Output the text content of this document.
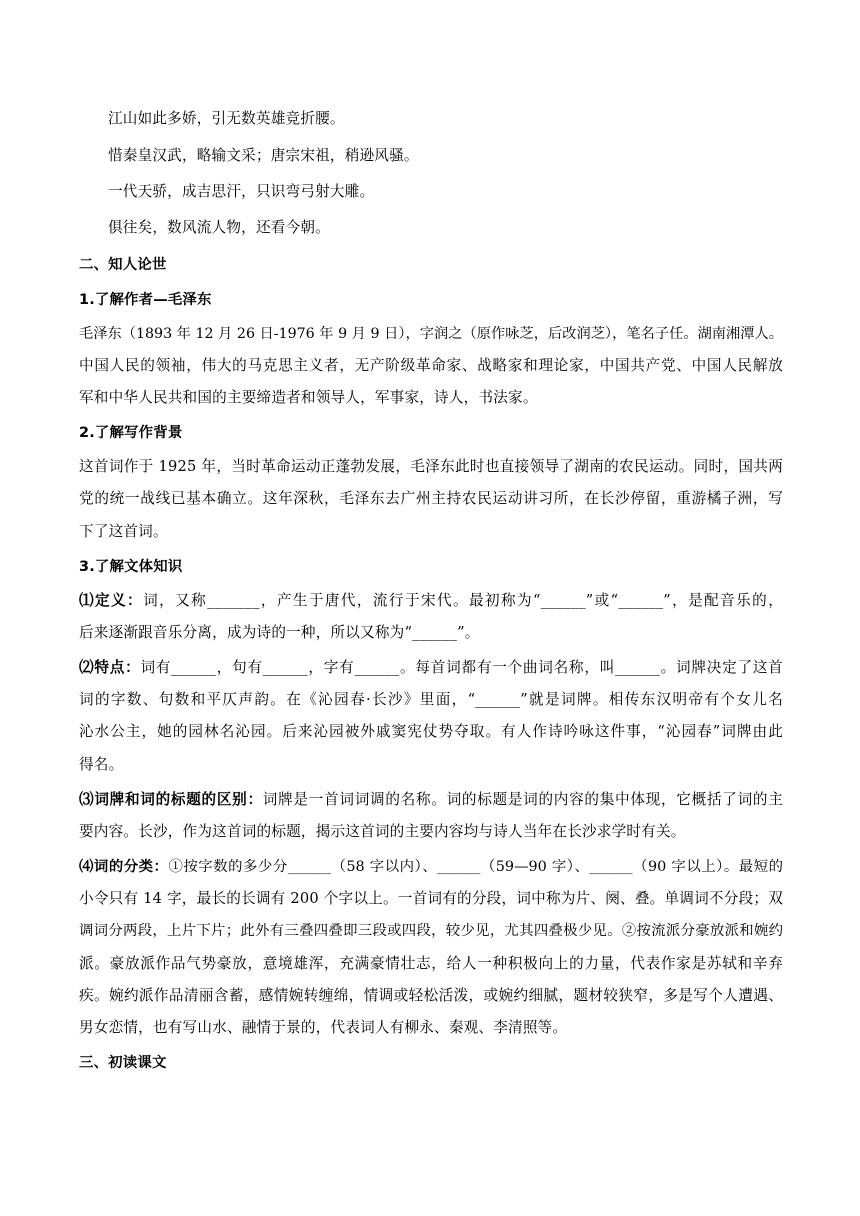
江山如此多娇，引无数英雄竞折腰。
惜秦皇汉武，略输文采；唐宗宋祖，稍逊风骚。
一代天骄，成吉思汗，只识弯弓射大雕。
俱往矣，数风流人物，还看今朝。
二、知人论世
1.了解作者—毛泽东
毛泽东（1893 年 12 月 26 日-1976 年 9 月 9 日），字润之（原作咏芝，后改润芝），笔名子任。湖南湘潭人。
中国人民的领袖，伟大的马克思主义者，无产阶级革命家、战略家和理论家，中国共产党、中国人民解放
军和中华人民共和国的主要缔造者和领导人，军事家，诗人，书法家。
2.了解写作背景
这首词作于 1925 年，当时革命运动正蓬勃发展，毛泽东此时也直接领导了湖南的农民运动。同时，国共两
党的统一战线已基本确立。这年深秋，毛泽东去广州主持农民运动讲习所，在长沙停留，重游橘子洲，写
下了这首词。
3.了解文体知识
⑴定义：词，又称_______，产生于唐代，流行于宋代。最初称为“______”或“______”，是配音乐的，
后来逐渐跟音乐分离，成为诗的一种，所以又称为“______”。
⑵特点：词有______，句有______，字有______。每首词都有一个曲词名称，叫______。词牌决定了这首
词的字数、句数和平仄声韵。在《沁园春·长沙》里面，“______”就是词牌。相传东汉明帝有个女儿名
沁水公主，她的园林名沁园。后来沁园被外戚窦宪仗势夺取。有人作诗吟咏这件事，“沁园春”词牌由此
得名。
⑶词牌和词的标题的区别：词牌是一首词词调的名称。词的标题是词的内容的集中体现，它概括了词的主
要内容。长沙，作为这首词的标题，揭示这首词的主要内容均与诗人当年在长沙求学时有关。
⑷词的分类：①按字数的多少分______（58 字以内）、______（59—90 字）、______（90 字以上）。最短的
小令只有 14 字，最长的长调有 200 个字以上。一首词有的分段，词中称为片、阕、叠。单调词不分段；双
调词分两段，上片下片；此外有三叠四叠即三段或四段，较少见，尤其四叠极少见。②按流派分豪放派和婉约
派。豪放派作品气势豪放，意境雄浑，充满豪情壮志，给人一种积极向上的力量，代表作家是苏轼和辛弃
疾。婉约派作品清丽含蓄，感情婉转缠绵，情调或轻松活泼，或婉约细腻，题材较狭窄，多是写个人遭遇、
男女恋情，也有写山水、融情于景的，代表词人有柳永、秦观、李清照等。
三、初读课文
